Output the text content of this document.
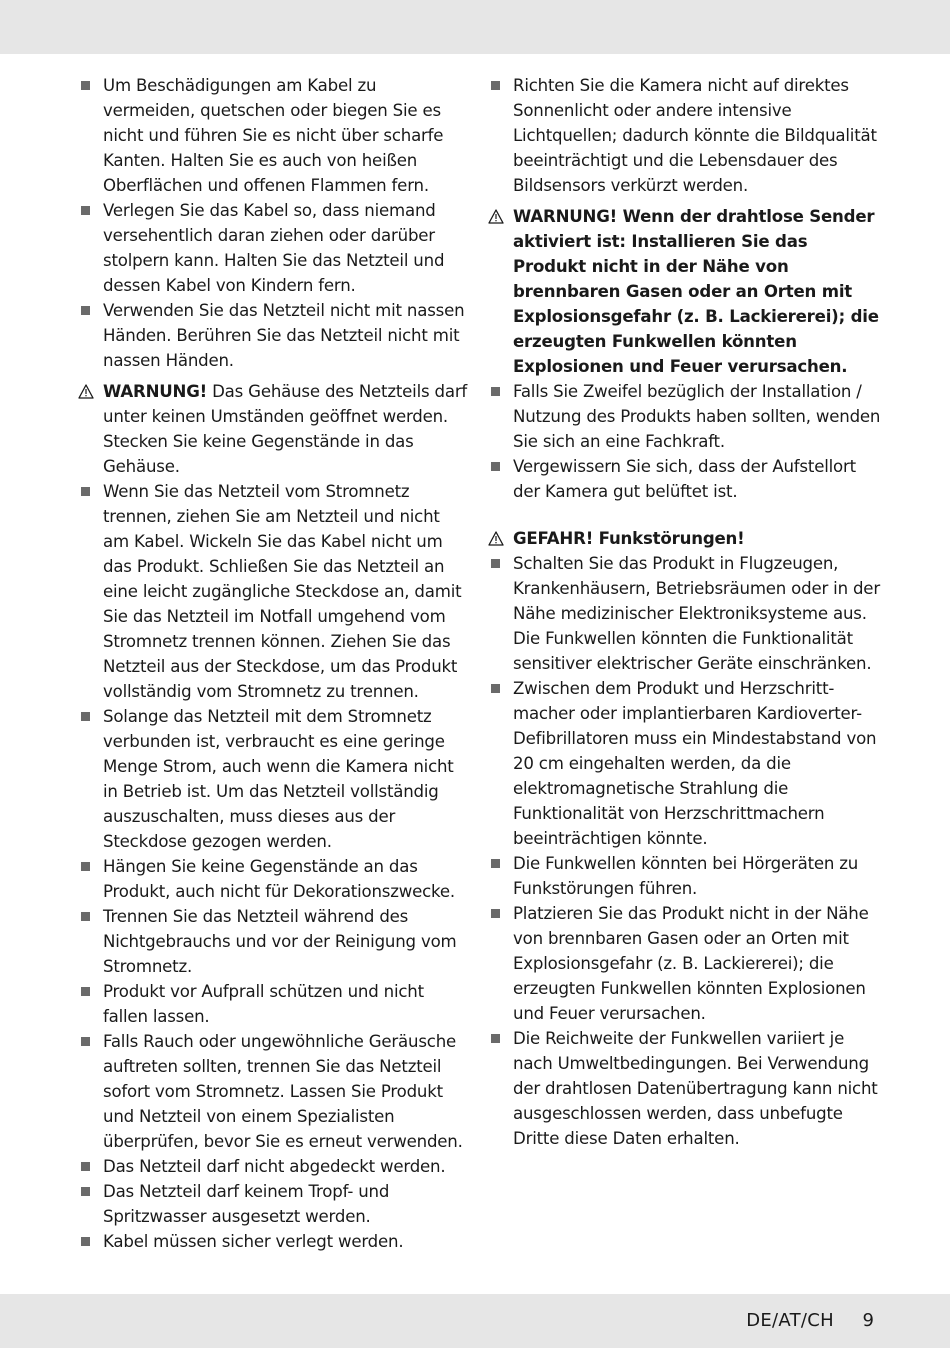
Um Beschädigungen am Kabel zu vermeiden, quetschen oder biegen Sie es nicht und führen Sie es nicht über scharfe Kanten. Halten Sie es auch von heißen Oberflächen und offenen Flammen fern.
Verlegen Sie das Kabel so, dass niemand versehentlich daran ziehen oder darüber stolpern kann. Halten Sie das Netzteil und dessen Kabel von Kindern fern.
Verwenden Sie das Netzteil nicht mit nassen Händen. Berühren Sie das Netzteil nicht mit nassen Händen.
WARNUNG! Das Gehäuse des Netzteils darf unter keinen Umständen geöffnet werden. Stecken Sie keine Gegenstände in das Gehäuse.
Wenn Sie das Netzteil vom Stromnetz trennen, ziehen Sie am Netzteil und nicht am Kabel. Wickeln Sie das Kabel nicht um das Produkt. Schließen Sie das Netzteil an eine leicht zugängliche Steckdose an, damit Sie das Netzteil im Notfall umgehend vom Stromnetz trennen können. Ziehen Sie das Netzteil aus der Steckdose, um das Produkt vollständig vom Stromnetz zu trennen.
Solange das Netzteil mit dem Stromnetz verbunden ist, verbraucht es eine geringe Menge Strom, auch wenn die Kamera nicht in Betrieb ist. Um das Netzteil vollständig auszuschalten, muss dieses aus der Steckdose gezogen werden.
Hängen Sie keine Gegenstände an das Produkt, auch nicht für Dekorationszwecke.
Trennen Sie das Netzteil während des Nichtgebrauchs und vor der Reinigung vom Stromnetz.
Produkt vor Aufprall schützen und nicht fallen lassen.
Falls Rauch oder ungewöhnliche Geräusche auftreten sollten, trennen Sie das Netzteil sofort vom Stromnetz. Lassen Sie Produkt und Netzteil von einem Spezialisten überprüfen, bevor Sie es erneut verwenden.
Das Netzteil darf nicht abgedeckt werden.
Das Netzteil darf keinem Tropf- und Spritzwasser ausgesetzt werden.
Kabel müssen sicher verlegt werden.
Richten Sie die Kamera nicht auf direktes Sonnenlicht oder andere intensive Lichtquellen; dadurch könnte die Bildqualität beeinträchtigt und die Lebensdauer des Bildsensors verkürzt werden.
WARNUNG! Wenn der drahtlose Sender aktiviert ist: Installieren Sie das Produkt nicht in der Nähe von brennbaren Gasen oder an Orten mit Explosionsgefahr (z. B. Lackiererei); die erzeugten Funkwellen könnten Explosionen und Feuer verursachen.
Falls Sie Zweifel bezüglich der Installation / Nutzung des Produkts haben sollten, wenden Sie sich an eine Fachkraft.
Vergewissern Sie sich, dass der Aufstellort der Kamera gut belüftet ist.
GEFAHR! Funkstörungen!
Schalten Sie das Produkt in Flugzeugen, Krankenhäusern, Betriebsräumen oder in der Nähe medizinischer Elektroniksysteme aus. Die Funkwellen könnten die Funktionalität sensitiver elektrischer Geräte einschränken.
Zwischen dem Produkt und Herzschritt-macher oder implantierbaren Kardioverter-Defibrillatoren muss ein Mindestabstand von 20 cm eingehalten werden, da die elektromagnetische Strahlung die Funktionalität von Herzschrittmachern beeinträchtigen könnte.
Die Funkwellen könnten bei Hörgeräten zu Funkstörungen führen.
Platzieren Sie das Produkt nicht in der Nähe von brennbaren Gasen oder an Orten mit Explosionsgefahr (z. B. Lackiererei); die erzeugten Funkwellen könnten Explosionen und Feuer verursachen.
Die Reichweite der Funkwellen variiert je nach Umweltbedingungen. Bei Verwendung der drahtlosen Datenübertragung kann nicht ausgeschlossen werden, dass unbefugte Dritte diese Daten erhalten.
DE/AT/CH 9
